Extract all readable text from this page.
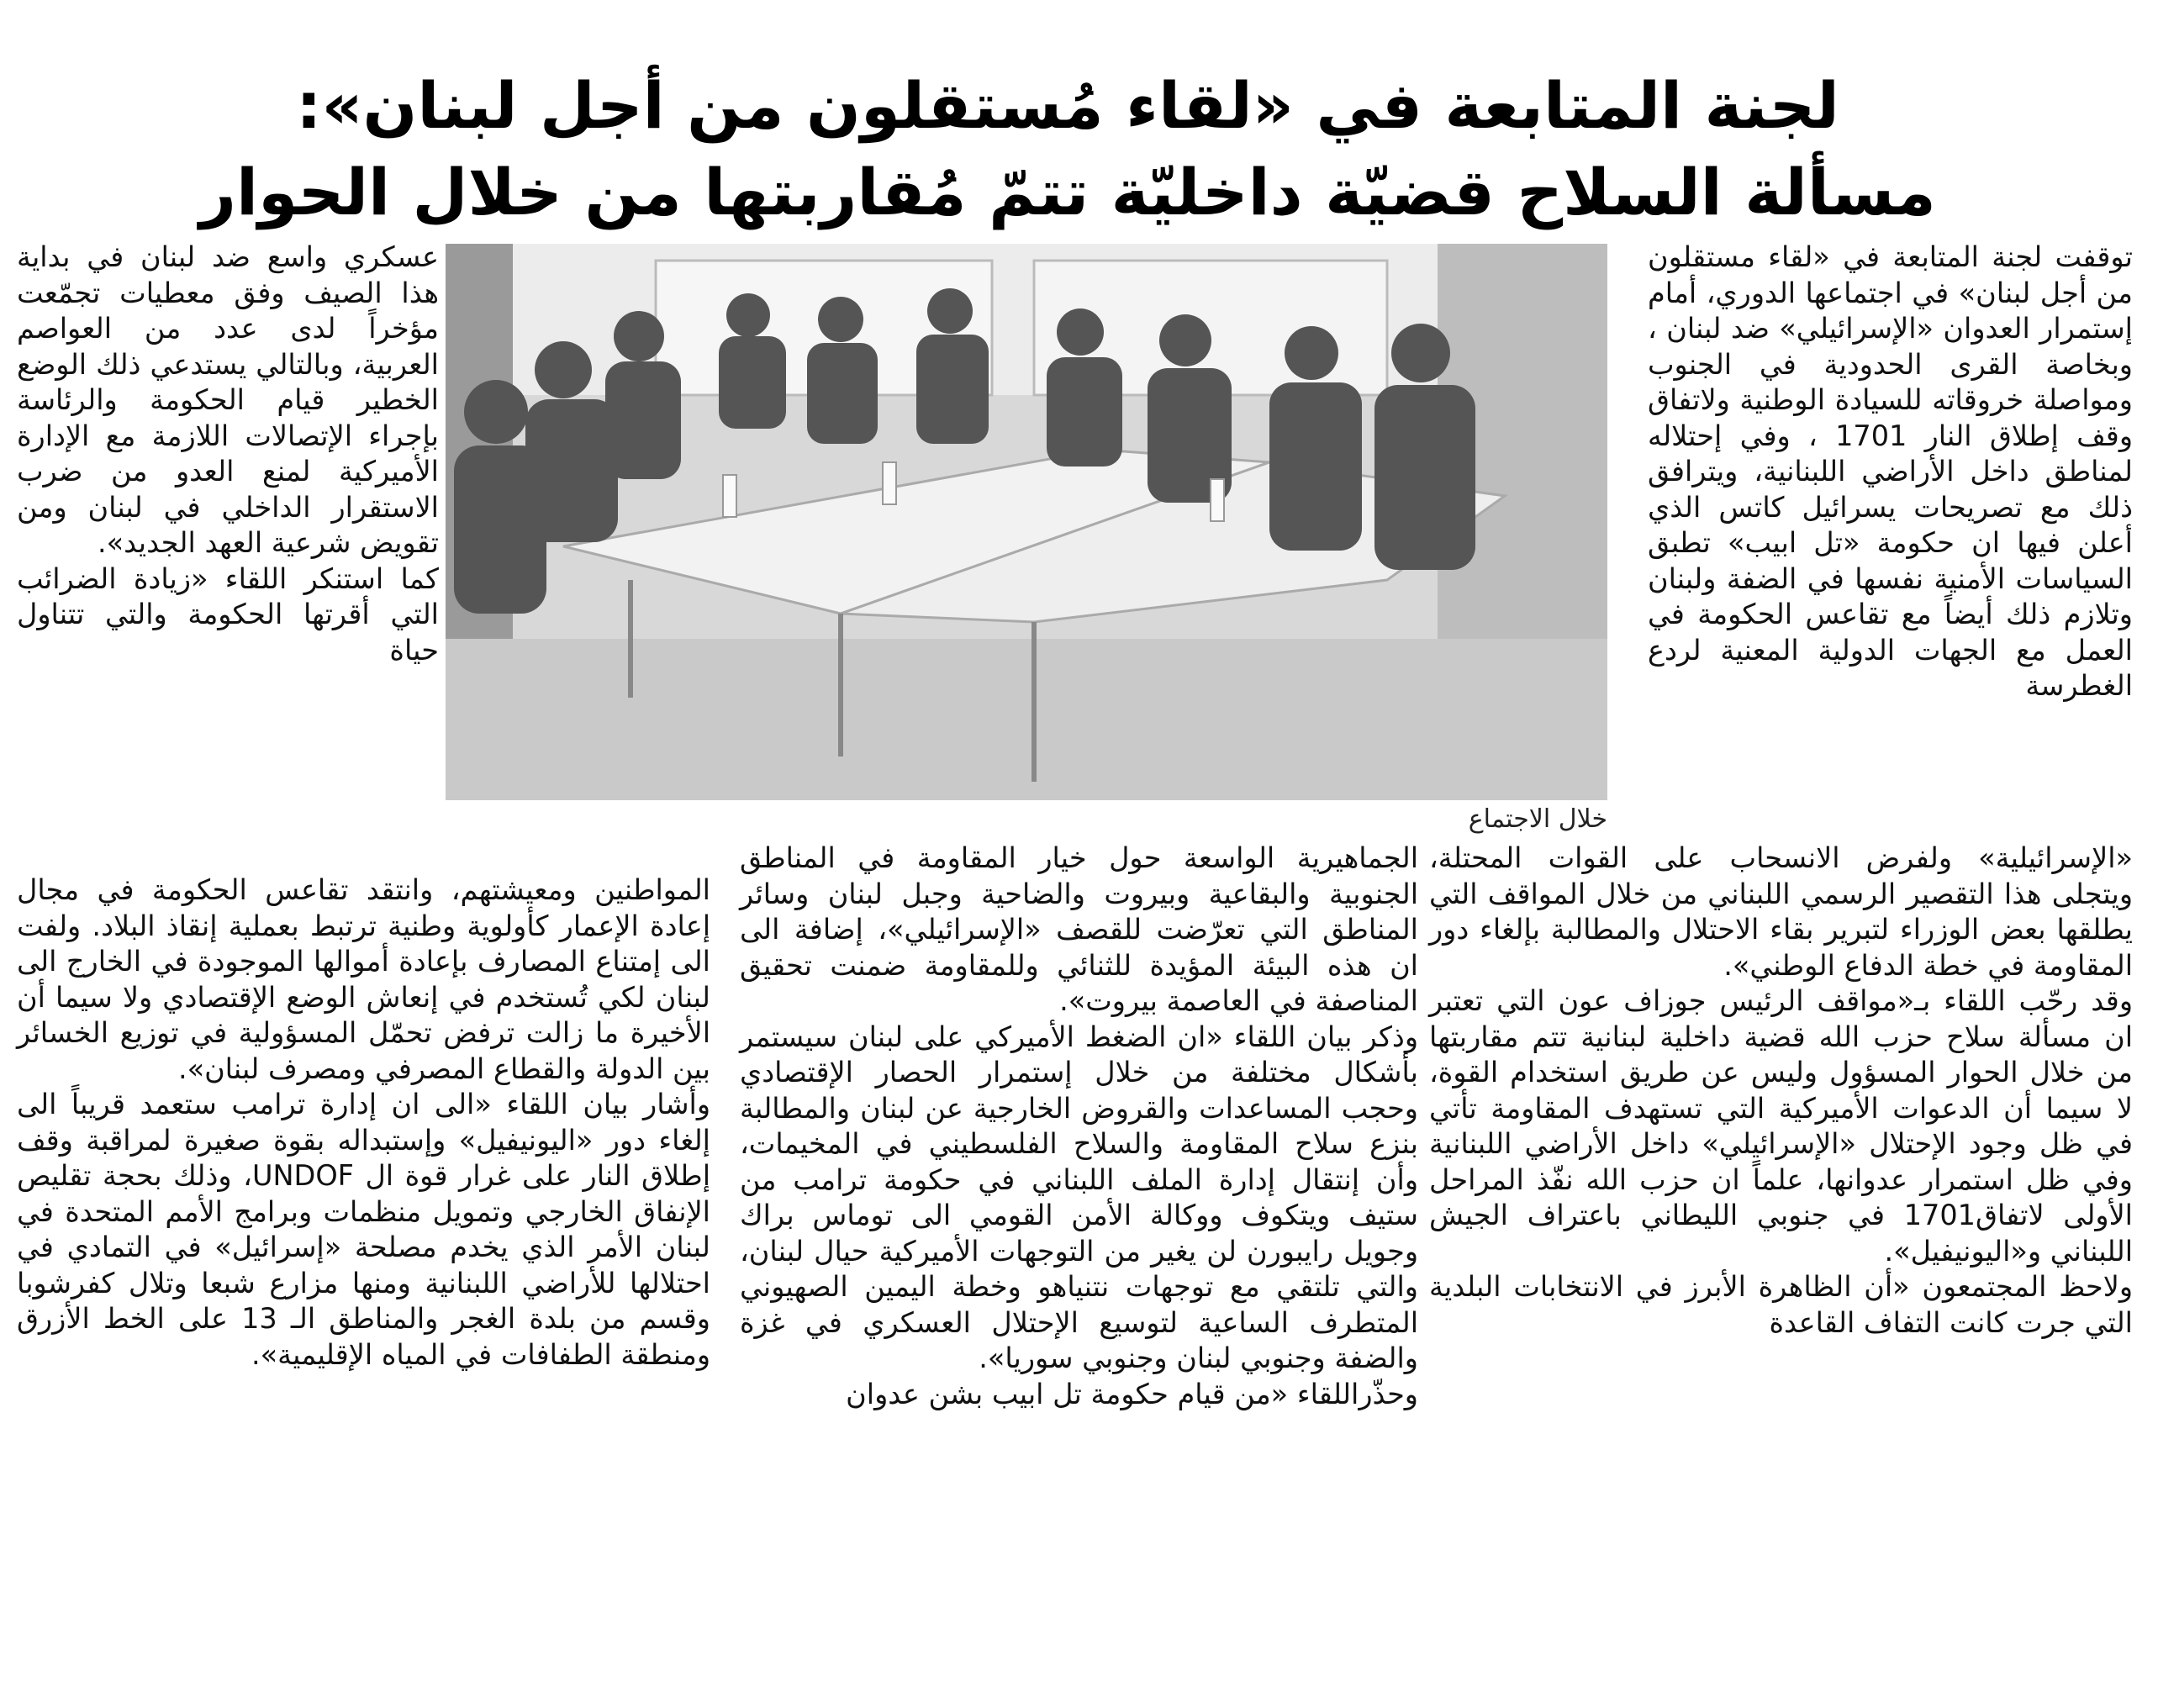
لجنة المتابعة في «لقاء مُستقلون من أجل لبنان»:
مسألة السلاح قضيّة داخليّة تتمّ مُقاربتها من خلال الحوار

توقفت لجنة المتابعة في «لقاء مستقلون من أجل لبنان» في اجتماعها الدوري، أمام إستمرار العدوان «الإسرائيلي» ضد لبنان ، وبخاصة القرى الحدودية في الجنوب ومواصلة خروقاته للسيادة الوطنية ولاتفاق وقف إطلاق النار 1701 ، وفي إحتلاله لمناطق داخل الأراضي اللبنانية، ويترافق ذلك مع تصريحات يسرائيل كاتس الذي أعلن فيها ان حكومة «تل ابيب» تطبق السياسات الأمنية نفسها في الضفة ولبنان وتلازم ذلك أيضاً مع تقاعس الحكومة في العمل مع الجهات الدولية المعنية لردع الغطرسة

خلال الاجتماع

عسكري واسع ضد لبنان في بداية هذا الصيف وفق معطيات تجمّعت مؤخراً لدى عدد من العواصم العربية، وبالتالي يستدعي ذلك الوضع الخطير قيام الحكومة والرئاسة بإجراء الإتصالات اللازمة مع الإدارة الأميركية لمنع العدو من ضرب الاستقرار الداخلي في لبنان ومن تقويض شرعية العهد الجديد».

كما استنكر اللقاء «زيادة الضرائب التي أقرتها الحكومة والتي تتناول حياة

«الإسرائيلية» ولفرض الانسحاب على القوات المحتلة، ويتجلى هذا التقصير الرسمي اللبناني من خلال المواقف التي يطلقها بعض الوزراء لتبرير بقاء الاحتلال والمطالبة بإلغاء دور المقاومة في خطة الدفاع الوطني».

وقد رحّب اللقاء بـ«مواقف الرئيس جوزاف عون التي تعتبر ان مسألة سلاح حزب الله قضية داخلية لبنانية تتم مقاربتها من خلال الحوار المسؤول وليس عن طريق استخدام القوة، لا سيما أن الدعوات الأميركية التي تستهدف المقاومة تأتي في ظل وجود الإحتلال «الإسرائيلي» داخل الأراضي اللبنانية وفي ظل استمرار عدوانها، علماً ان حزب الله نفّذ المراحل الأولى لاتفاق1701 في جنوبي الليطاني باعتراف الجيش اللبناني و«اليونيفيل».

ولاحظ المجتمعون «أن الظاهرة الأبرز في الانتخابات البلدية التي جرت كانت التفاف القاعدة

الجماهيرية الواسعة حول خيار المقاومة في المناطق الجنوبية والبقاعية وبيروت والضاحية وجبل لبنان وسائر المناطق التي تعرّضت للقصف «الإسرائيلي»، إضافة الى ان هذه البيئة المؤيدة للثنائي وللمقاومة ضمنت تحقيق المناصفة في العاصمة بيروت».

وذكر بيان اللقاء «ان الضغط الأميركي على لبنان سيستمر بأشكال مختلفة من خلال إستمرار الحصار الإقتصادي وحجب المساعدات والقروض الخارجية عن لبنان والمطالبة بنزع سلاح المقاومة والسلاح الفلسطيني في المخيمات، وأن إنتقال إدارة الملف اللبناني في حكومة ترامب من ستيف ويتكوف ووكالة الأمن القومي الى توماس براك وجويل رايبورن لن يغير من التوجهات الأميركية حيال لبنان، والتي تلتقي مع توجهات نتنياهو وخطة اليمين الصهيوني المتطرف الساعية لتوسيع الإحتلال العسكري في غزة والضفة وجنوبي لبنان وجنوبي سوريا».

وحذّراللقاء «من قيام حكومة تل ابيب بشن عدوان

المواطنين ومعيشتهم، وانتقد تقاعس الحكومة في مجال إعادة الإعمار كأولوية وطنية ترتبط بعملية إنقاذ البلاد. ولفت الى إمتناع المصارف بإعادة أموالها الموجودة في الخارج الى لبنان لكي تُستخدم في إنعاش الوضع الإقتصادي ولا سيما أن الأخيرة ما زالت ترفض تحمّل المسؤولية في توزيع الخسائر بين الدولة والقطاع المصرفي ومصرف لبنان».

وأشار بيان اللقاء «الى ان إدارة ترامب ستعمد قريباً الى إلغاء دور «اليونيفيل» وإستبداله بقوة صغيرة لمراقبة وقف إطلاق النار على غرار قوة ال UNDOF، وذلك بحجة تقليص الإنفاق الخارجي وتمويل منظمات وبرامج الأمم المتحدة في لبنان الأمر الذي يخدم مصلحة «إسرائيل» في التمادي في احتلالها للأراضي اللبنانية ومنها مزارع شبعا وتلال كفرشوبا وقسم من بلدة الغجر والمناطق الـ 13 على الخط الأزرق ومنطقة الطفافات في المياه الإقليمية».
